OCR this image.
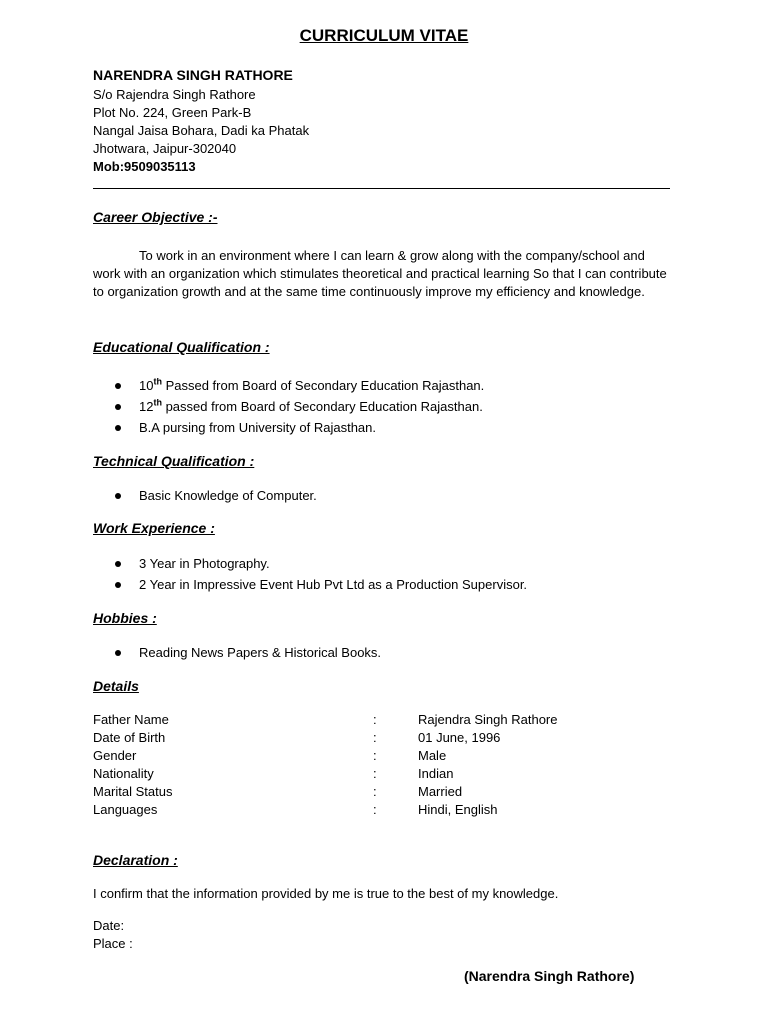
CURRICULUM VITAE
NARENDRA SINGH RATHORE
S/o Rajendra Singh Rathore
Plot No. 224, Green Park-B
Nangal Jaisa Bohara, Dadi ka Phatak
Jhotwara, Jaipur-302040
Mob:9509035113
Career Objective :-
To work in an environment where I can learn & grow along with the company/school and work with an organization which stimulates theoretical and practical learning So that I can contribute to organization growth and at the same time continuously improve my efficiency and knowledge.
Educational Qualification :
10th Passed from Board of Secondary Education Rajasthan.
12th passed from Board of Secondary Education Rajasthan.
B.A pursing from University of Rajasthan.
Technical Qualification :
Basic Knowledge of Computer.
Work Experience :
3 Year in Photography.
2 Year in Impressive Event Hub Pvt Ltd as a Production Supervisor.
Hobbies :
Reading News Papers & Historical Books.
Details
Father Name	:	Rajendra Singh Rathore
Date of Birth	:	01 June, 1996
Gender	:	Male
Nationality	:	Indian
Marital Status	:	Married
Languages	:	Hindi, English
Declaration :
I confirm that the information provided by me is true to the best of my knowledge.
Date:
Place :
(Narendra Singh Rathore)
